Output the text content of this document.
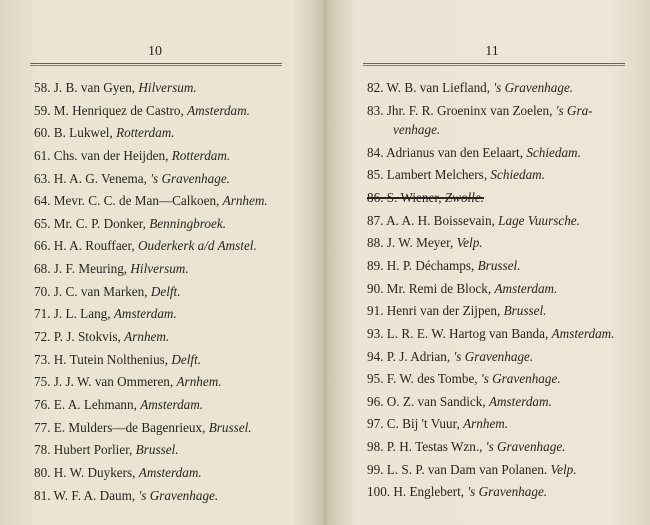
10
58. J. B. van Gyen, Hilversum.
59. M. Henriquez de Castro, Amsterdam.
60. B. Lukwel, Rotterdam.
61. Chs. van der Heijden, Rotterdam.
63. H. A. G. Venema, 's Gravenhage.
64. Mevr. C. C. de Man—Calkoen, Arnhem.
65. Mr. C. P. Donker, Benningbroek.
66. H. A. Rouffaer, Ouderkerk a/d Amstel.
68. J. F. Meuring, Hilversum.
70. J. C. van Marken, Delft.
71. J. L. Lang, Amsterdam.
72. P. J. Stokvis, Arnhem.
73. H. Tutein Nolthenius, Delft.
75. J. J. W. van Ommeren, Arnhem.
76. E. A. Lehmann, Amsterdam.
77. E. Mulders—de Bagenrieux, Brussel.
78. Hubert Porlier, Brussel.
80. H. W. Duykers, Amsterdam.
81. W. F. A. Daum, 's Gravenhage.
11
82. W. B. van Liefland, 's Gravenhage.
83. Jhr. F. R. Groeninx van Zoelen, 's Gra-
venhage.
84. Adrianus van den Eelaart, Schiedam.
85. Lambert Melchers, Schiedam.
86. S. Wiener, Zwolle.
87. A. A. H. Boissevain, Lage Vuursche.
88. J. W. Meyer, Velp.
89. H. P. Déchamps, Brussel.
90. Mr. Remi de Block, Amsterdam.
91. Henri van der Zijpen, Brussel.
93. L. R. E. W. Hartog van Banda, Amsterdam.
94. P. J. Adrian, 's Gravenhage.
95. F. W. des Tombe, 's Gravenhage.
96. O. Z. van Sandick, Amsterdam.
97. C. Bij 't Vuur, Arnhem.
98. P. H. Testas Wzn., 's Gravenhage.
99. L. S. P. van Dam van Polanen. Velp.
100. H. Englebert, 's Gravenhage.
